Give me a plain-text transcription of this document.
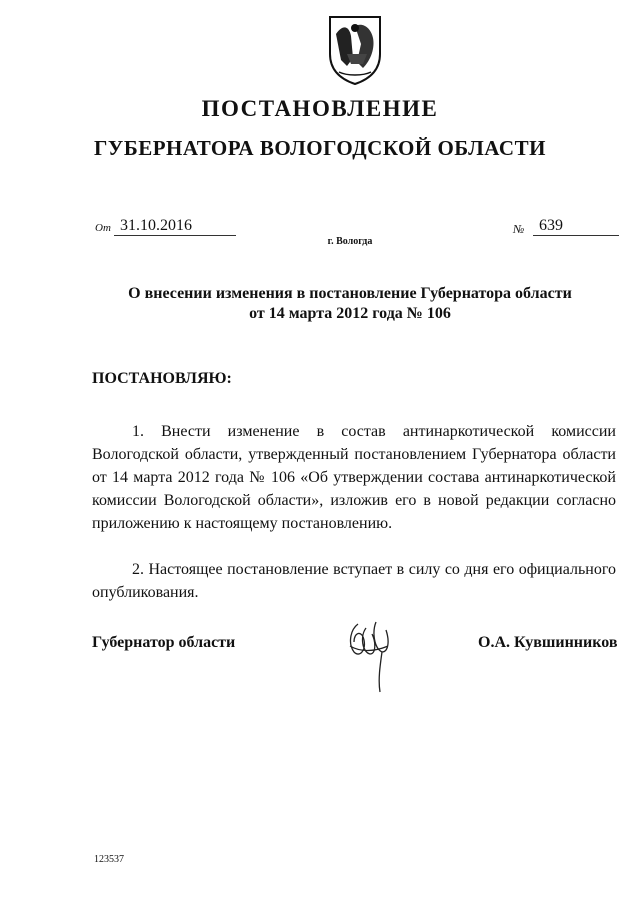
ПОСТАНОВЛЕНИЕ
ГУБЕРНАТОРА ВОЛОГОДСКОЙ ОБЛАСТИ
От 31.10.2016	№ 639
г. Вологда
О внесении изменения в постановление Губернатора области
от 14 марта 2012 года № 106
ПОСТАНОВЛЯЮ:
1. Внести изменение в состав антинаркотической комиссии Вологодской области, утвержденный постановлением Губернатора области от 14 марта 2012 года № 106 «Об утверждении состава антинаркотической комиссии Вологодской области», изложив его в новой редакции согласно приложению к настоящему постановлению.
2. Настоящее постановление вступает в силу со дня его официального опубликования.
Губернатор области	О.А. Кувшинников
123537
